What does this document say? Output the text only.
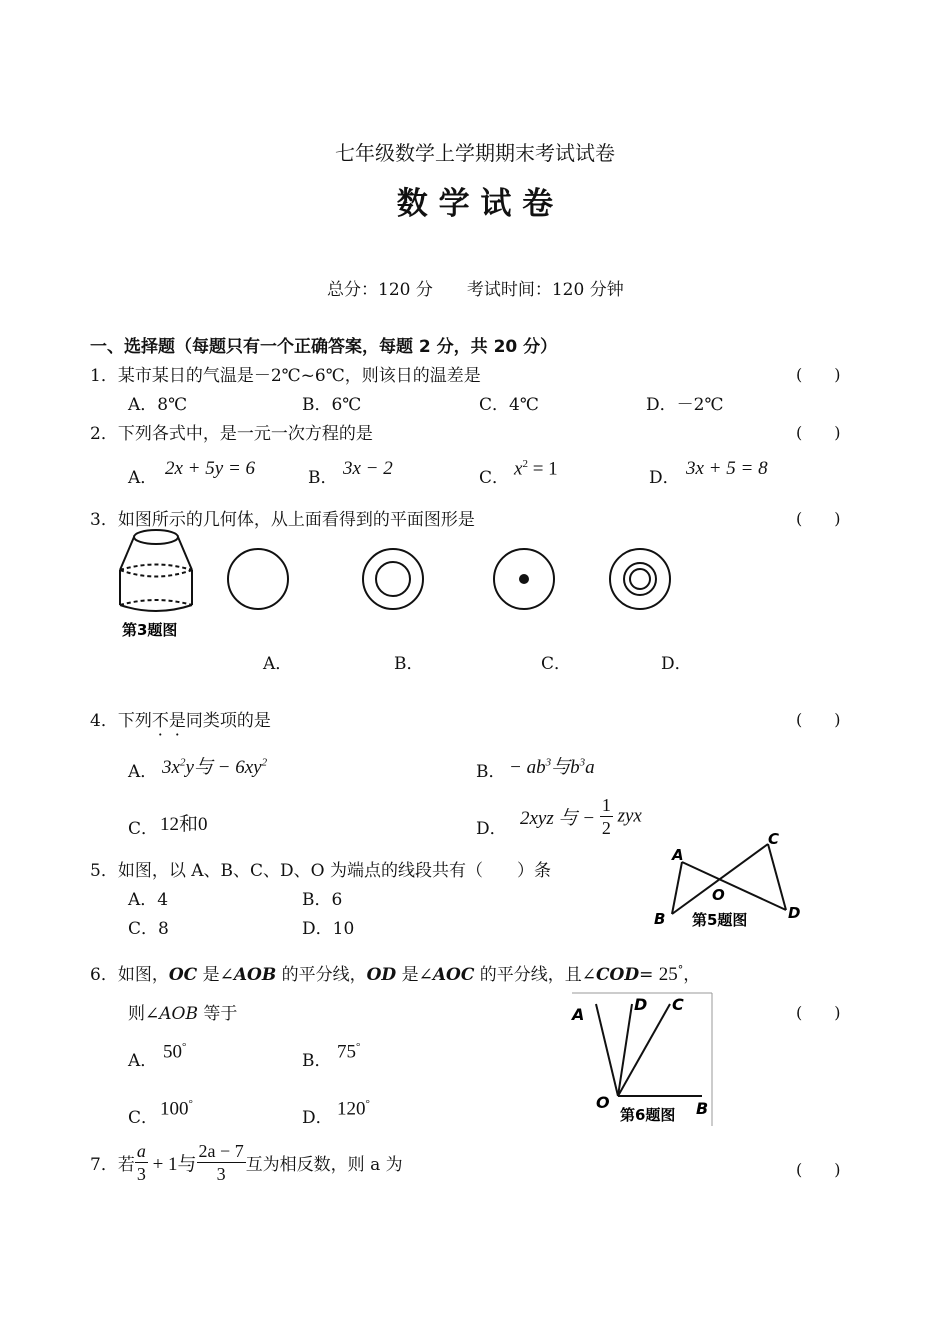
七年级数学上学期期末考试试卷
数 学 试 卷
总分：120 分　　考试时间：120 分钟
一、选择题（每题只有一个正确答案，每题 2 分，共 20 分）
1．某市某日的气温是－2℃~6℃，则该日的温差是	(　　)
A．8℃	B．6℃	C．4℃	D．－2℃
2．下列各式中，是一元一次方程的是	(　　)
A． 2x + 5y = 6	B． 3x − 2	C． $x^2 = 1$	D． 3x + 5 = 8
3．如图所示的几何体，从上面看得到的平面图形是	(　　)
第3题图
A．	B．	C．	D．
4．下列不是同类项的是	(　　)
A． $3x^2y$与 − $6xy^2$	B． − $ab^3$与$b^3a$
C． 12和0	D． 2xyz 与 − $\frac{1}{2}$ zyx
5．如图，以 A、B、C、D、O 为端点的线段共有（　　）条
A．4	B．6
C．8	D．10
A
B
C
D
O
第5题图
6．如图，OC 是∠AOB 的平分线，OD 是∠AOC 的平分线，且∠COD= 25°，
则∠AOB 等于	(　　)
A． 50°
B． 75°
C． 100°
D． 120°
A
D C
O	B
第6题图
7．若 $\frac{a}{3} + 1$与 $\frac{2a - 7}{3}$ 互为相反数，则 a 为	(　　)
